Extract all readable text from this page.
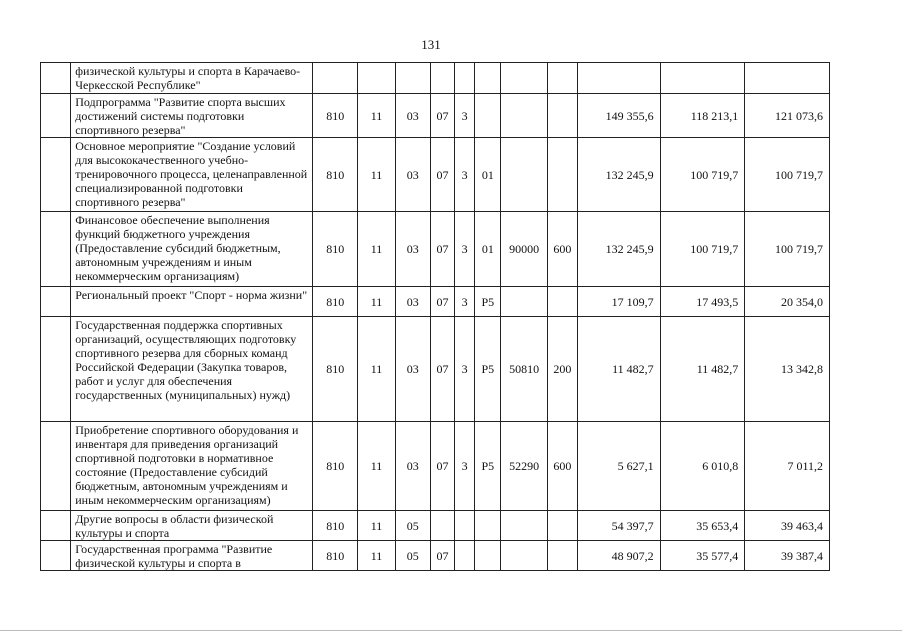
131
	физической культуры и спорта в Карачаево-Черкесской Республике"											
	Подпрограмма "Развитие спорта высших достижений системы подготовки спортивного резерва"	810	11	03	07	3				149 355,6	118 213,1	121 073,6
	Основное мероприятие "Создание условий для высококачественного учебно-тренировочного процесса, целенаправленной специализированной подготовки спортивного резерва"	810	11	03	07	3	01			132 245,9	100 719,7	100 719,7
	Финансовое обеспечение выполнения функций бюджетного учреждения (Предоставление субсидий бюджетным, автономным учреждениям и иным некоммерческим организациям)	810	11	03	07	3	01	90000	600	132 245,9	100 719,7	100 719,7
	Региональный проект "Спорт - норма жизни"	810	11	03	07	3	P5			17 109,7	17 493,5	20 354,0
	Государственная поддержка спортивных организаций, осуществляющих подготовку спортивного резерва для сборных команд Российской Федерации (Закупка товаров, работ и услуг для обеспечения государственных (муниципальных) нужд)	810	11	03	07	3	P5	50810	200	11 482,7	11 482,7	13 342,8
	Приобретение спортивного оборудования и инвентаря для приведения организаций спортивной подготовки в нормативное состояние (Предоставление субсидий бюджетным, автономным учреждениям и иным некоммерческим организациям)	810	11	03	07	3	P5	52290	600	5 627,1	6 010,8	7 011,2
	Другие вопросы в области физической культуры и спорта	810	11	05						54 397,7	35 653,4	39 463,4
	Государственная программа "Развитие физической культуры и спорта в	810	11	05	07					48 907,2	35 577,4	39 387,4
